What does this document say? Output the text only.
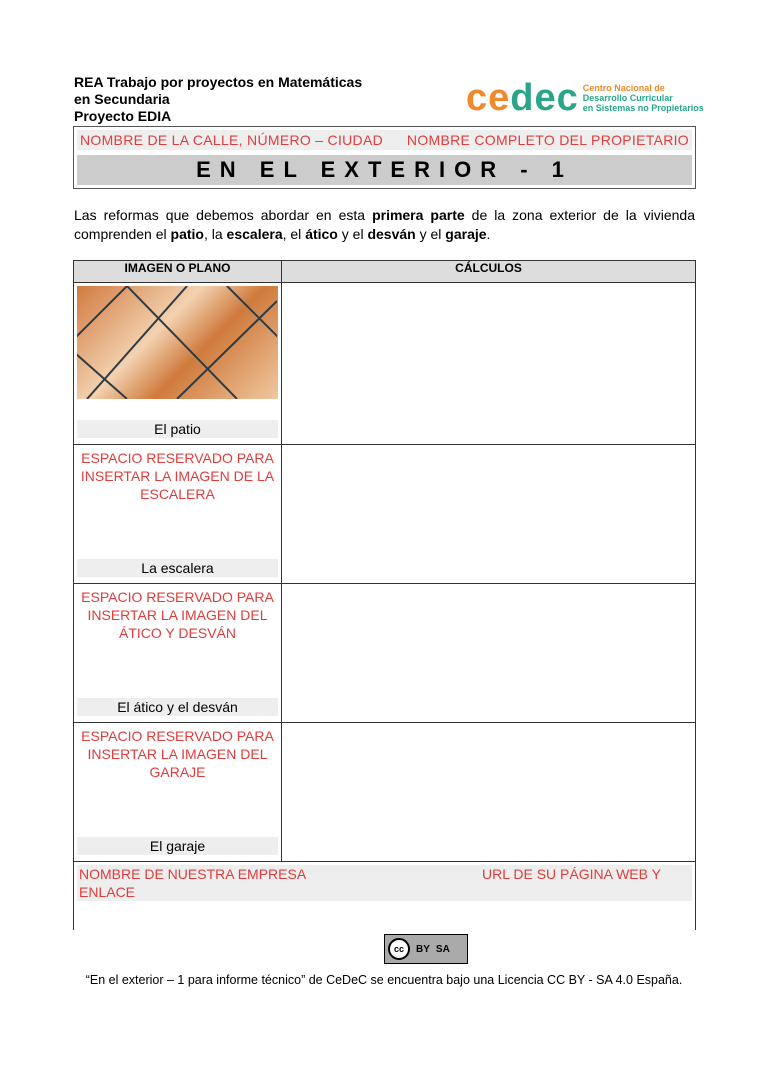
REA Trabajo por proyectos en Matemáticas
en Secundaria
Proyecto EDIA	cedec Centro Nacional de
Desarrollo Curricular
en Sistemas no Propietarios
NOMBRE DE LA CALLE, NÚMERO – CIUDAD NOMBRE COMPLETO DEL PROPIETARIO
EN EL EXTERIOR - 1

Las reformas que debemos abordar en esta primera parte de la zona exterior de la vivienda comprenden el patio, la escalera, el ático y el desván y el garaje.

IMAGEN O PLANO	CÁLCULOS

El patio	

ESPACIO RESERVADO PARA INSERTAR LA IMAGEN DE LA ESCALERA
La escalera	

ESPACIO RESERVADO PARA INSERTAR LA IMAGEN DEL ÁTICO Y DESVÁN
El ático y el desván	

ESPACIO RESERVADO PARA INSERTAR LA IMAGEN DEL GARAJE
El garaje	

NOMBRE DE NUESTRA EMPRESA	URL DE SU PÁGINA WEB Y

ENLACE
cc	BY SA
“En el exterior – 1 para informe técnico” de CeDeC se encuentra bajo una Licencia CC BY - SA 4.0 España.
